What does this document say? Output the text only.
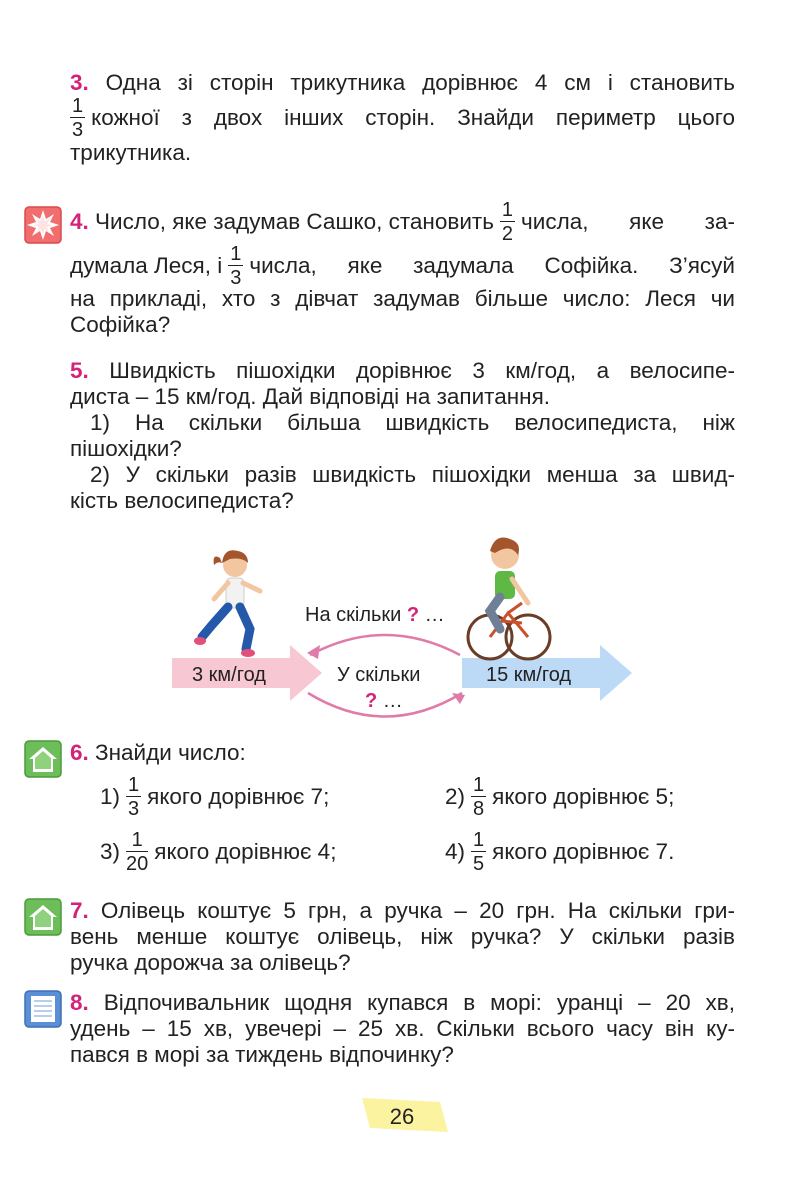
3. Одна зі сторін трикутника дорівнює 4 см і становить
$\frac{1}{3}$ кожної з двох інших сторін. Знайди периметр цього
трикутника.
4.
Число, яке задумав Сашко, становить $\frac{1}{2}$ числа, яке за-
думала Леся, і $\frac{1}{3}$ числа, яке задумала Софійка. З’ясуй
на прикладі, хто з дівчат задумав більше число: Леся чи
Софійка?
5. Швидкість пішохідки дорівнює 3 км/год, а велосипе-
диста – 15 км/год. Дай відповіді на запитання.
1) На скільки більша швидкість велосипедиста, ніж
пішохідки?
2) У скільки разів швидкість пішохідки менша за швид-
кість велосипедиста?
На скільки ? …
3 км/год	У скільки
? …
15 км/год
6. Знайди число:
$1) \frac{1}{3}$ якого дорівнює 7;	$2) \frac{1}{8}$ якого дорівнює 5;
$3) \frac{1}{20}$ якого дорівнює 4;	$4) \frac{1}{5}$ якого дорівнює 7.
7. Олівець коштує 5 грн, а ручка – 20 грн. На скільки гри-
вень менше коштує олівець, ніж ручка? У скільки разів
ручка дорожча за олівець?
8. Відпочивальник щодня купався в морі: уранці – 20 хв,
удень – 15 хв, увечері – 25 хв. Скільки всього часу він ку-
пався в морі за тиждень відпочинку?
26
